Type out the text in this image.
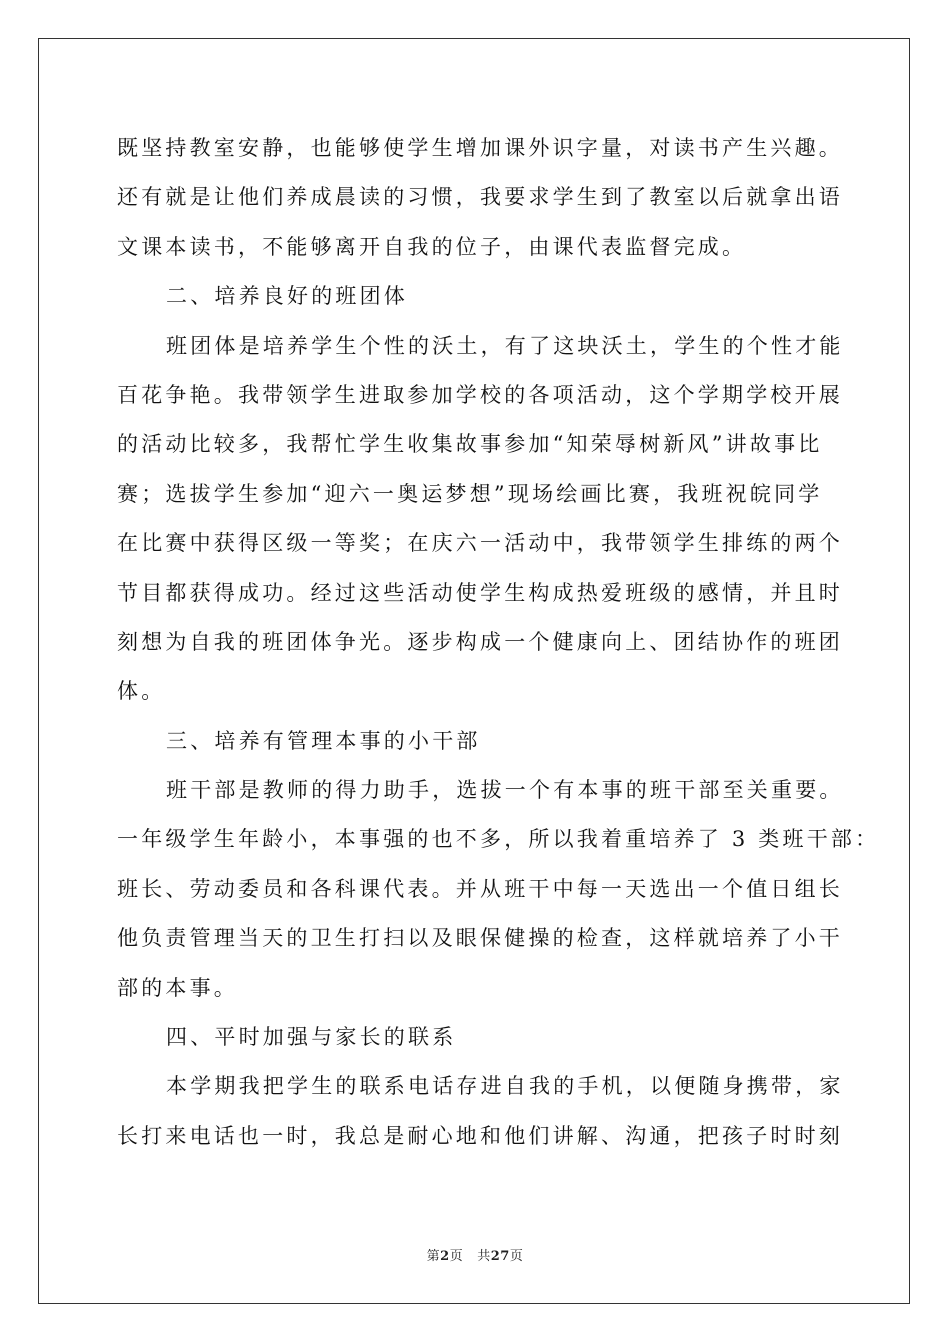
既坚持教室安静，也能够使学生增加课外识字量，对读书产生兴趣。
还有就是让他们养成晨读的习惯，我要求学生到了教室以后就拿出语
文课本读书，不能够离开自我的位子，由课代表监督完成。
二、培养良好的班团体
班团体是培养学生个性的沃土，有了这块沃土，学生的个性才能
百花争艳。我带领学生进取参加学校的各项活动，这个学期学校开展
的活动比较多，我帮忙学生收集故事参加“知荣辱树新风”讲故事比
赛；选拔学生参加“迎六一奥运梦想”现场绘画比赛，我班祝皖同学
在比赛中获得区级一等奖；在庆六一活动中，我带领学生排练的两个
节目都获得成功。经过这些活动使学生构成热爱班级的感情，并且时
刻想为自我的班团体争光。逐步构成一个健康向上、团结协作的班团
体。
三、培养有管理本事的小干部
班干部是教师的得力助手，选拔一个有本事的班干部至关重要。
一年级学生年龄小，本事强的也不多，所以我着重培养了 3 类班干部：
班长、劳动委员和各科课代表。并从班干中每一天选出一个值日组长
他负责管理当天的卫生打扫以及眼保健操的检查，这样就培养了小干
部的本事。
四、平时加强与家长的联系
本学期我把学生的联系电话存进自我的手机，以便随身携带，家
长打来电话也一时，我总是耐心地和他们讲解、沟通，把孩子时时刻
第2页 共27页
